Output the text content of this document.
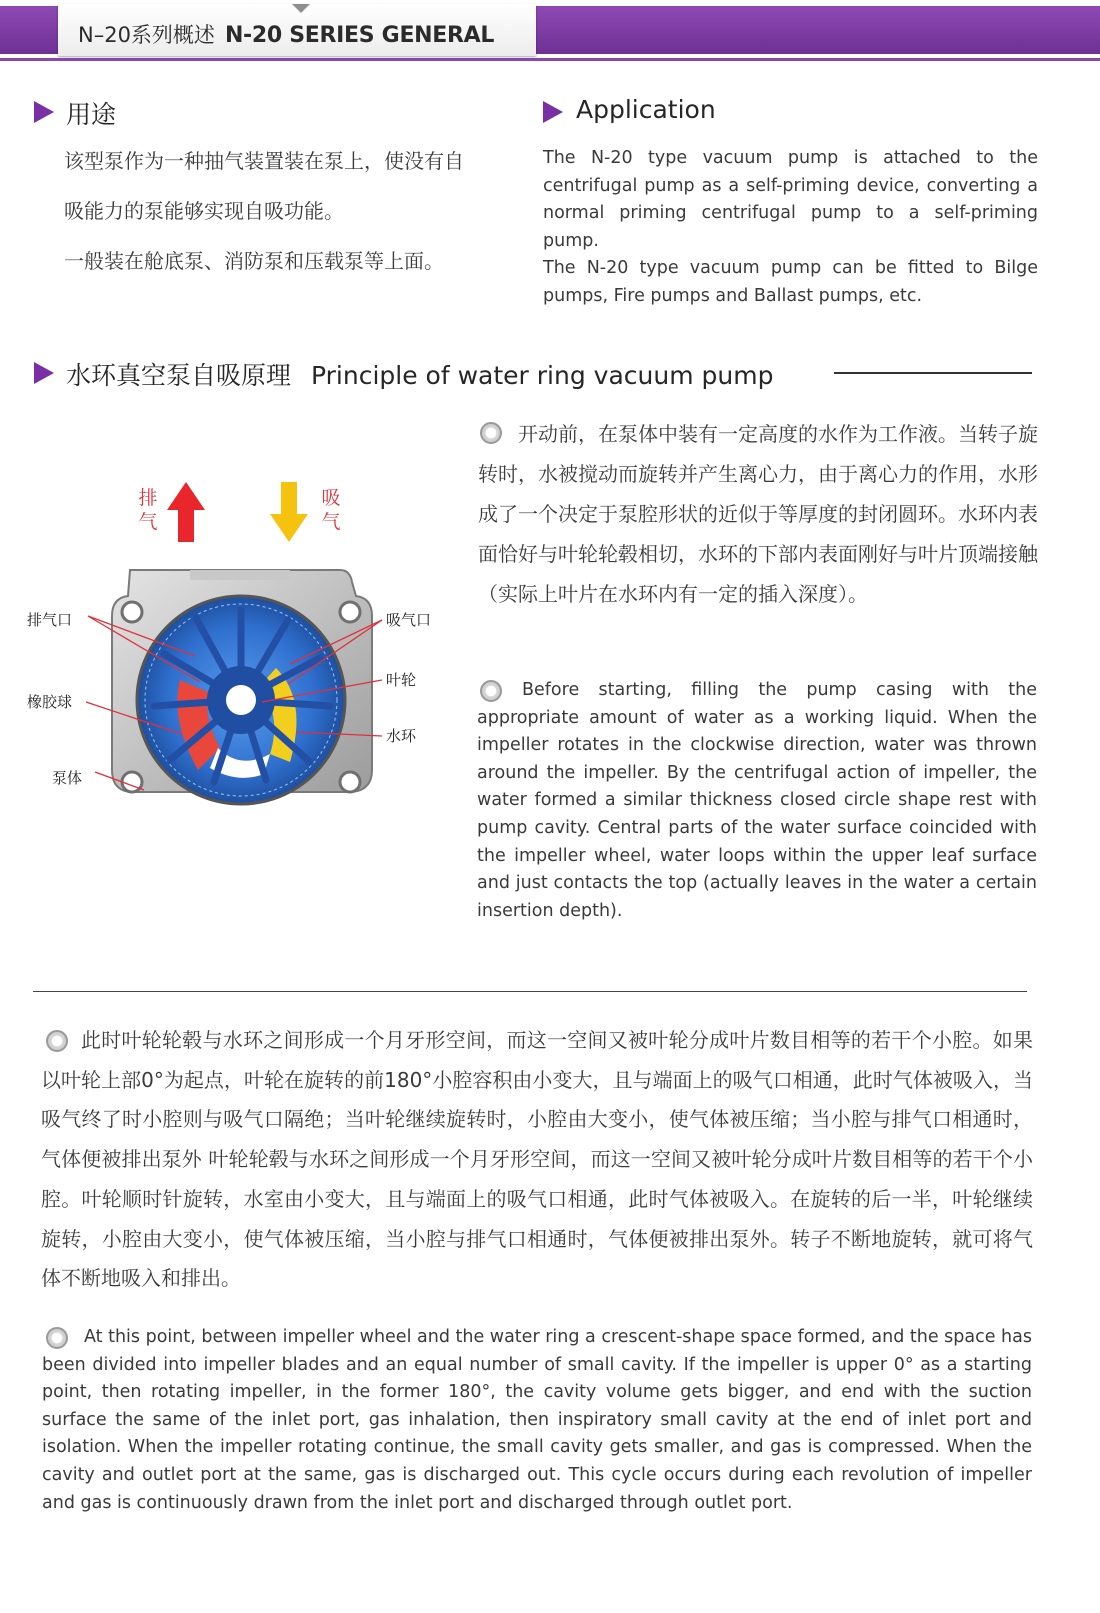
N–20系列概述 N-20 SERIES GENERAL
用途

该型泵作为一种抽气装置装在泵上，使没有自

吸能力的泵能够实现自吸功能。

一般装在舱底泵、消防泵和压载泵等上面。

Application
The N-20 type vacuum pump is attached to the centrifugal pump as a self-priming device, converting a normal priming centrifugal pump to a self-priming pump.
The N-20 type vacuum pump can be fitted to Bilge pumps, Fire pumps and Ballast pumps, etc.
水环真空泵自吸原理 Principle of water ring vacuum pump
排气
吸气
排气口
橡胶球
泵体
吸气口
叶轮
水环
开动前，在泵体中装有一定高度的水作为工作液。当转子旋转时，水被搅动而旋转并产生离心力，由于离心力的作用，水形成了一个决定于泵腔形状的近似于等厚度的封闭圆环。水环内表面恰好与叶轮轮毂相切，水环的下部内表面刚好与叶片顶端接触（实际上叶片在水环内有一定的插入深度）。
Before starting, filling the pump casing with the appropriate amount of water as a working liquid. When the impeller rotates in the clockwise direction, water was thrown around the impeller. By the centrifugal action of impeller, the water formed a similar thickness closed circle shape rest with pump cavity. Central parts of the water surface coincided with the impeller wheel, water loops within the upper leaf surface and just contacts the top (actually leaves in the water a certain insertion depth).
此时叶轮轮毂与水环之间形成一个月牙形空间，而这一空间又被叶轮分成叶片数目相等的若干个小腔。如果以叶轮上部0°为起点，叶轮在旋转的前180°小腔容积由小变大，且与端面上的吸气口相通，此时气体被吸入，当吸气终了时小腔则与吸气口隔绝；当叶轮继续旋转时，小腔由大变小，使气体被压缩；当小腔与排气口相通时，气体便被排出泵外 叶轮轮毂与水环之间形成一个月牙形空间，而这一空间又被叶轮分成叶片数目相等的若干个小腔。叶轮顺时针旋转，水室由小变大，且与端面上的吸气口相通，此时气体被吸入。在旋转的后一半，叶轮继续旋转，小腔由大变小，使气体被压缩，当小腔与排气口相通时，气体便被排出泵外。转子不断地旋转，就可将气体不断地吸入和排出。
At this point, between impeller wheel and the water ring a crescent-shape space formed, and the space has been divided into impeller blades and an equal number of small cavity. If the impeller is upper 0° as a starting point, then rotating impeller, in the former 180°, the cavity volume gets bigger, and end with the suction surface the same of the inlet port, gas inhalation, then inspiratory small cavity at the end of inlet port and isolation. When the impeller rotating continue, the small cavity gets smaller, and gas is compressed. When the cavity and outlet port at the same, gas is discharged out. This cycle occurs during each revolution of impeller and gas is continuously drawn from the inlet port and discharged through outlet port.
